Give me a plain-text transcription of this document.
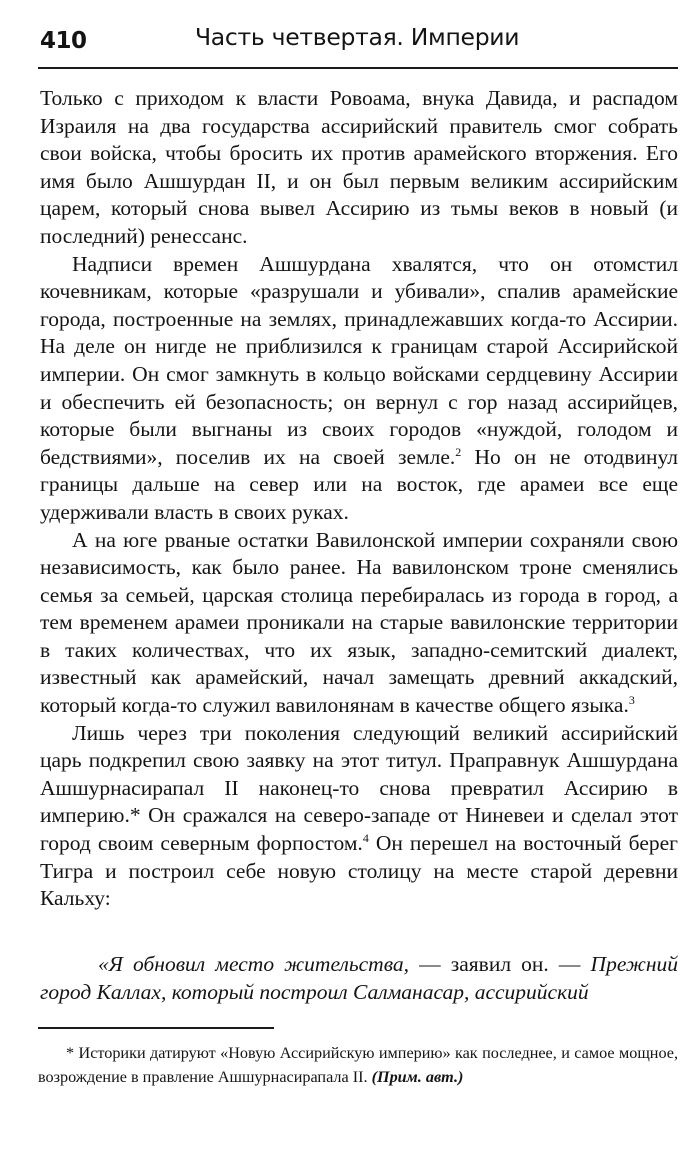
410	Часть четвертая. Империи

Только с приходом к власти Ровоама, внука Давида, и распадом Израиля на два государства ассирийский правитель смог собрать свои войска, чтобы бросить их против арамейского вторжения. Его имя было Ашшурдан II, и он был первым великим ассирийским царем, который снова вывел Ассирию из тьмы веков в новый (и последний) ренессанс.

Надписи времен Ашшурдана хвалятся, что он отомстил кочевникам, которые «разрушали и убивали», спалив арамейские города, построенные на землях, принадлежавших когда-то Ассирии. На деле он нигде не приблизился к границам старой Ассирийской империи. Он смог замкнуть в кольцо войсками сердцевину Ассирии и обеспечить ей безопасность; он вернул с гор назад ассирийцев, которые были выгнаны из своих городов «нуждой, голодом и бедствиями», поселив их на своей земле.$^2$ Но он не отодвинул границы дальше на север или на восток, где арамеи все еще удерживали власть в своих руках.

А на юге рваные остатки Вавилонской империи сохраняли свою независимость, как было ранее. На вавилонском троне сменялись семья за семьей, царская столица перебиралась из города в город, а тем временем арамеи проникали на старые вавилонские территории в таких количествах, что их язык, западно-семитский диалект, известный как арамейский, начал замещать древний аккадский, который когда-то служил вавилонянам в качестве общего языка.$^3$

Лишь через три поколения следующий великий ассирийский царь подкрепил свою заявку на этот титул. Праправнук Ашшурдана Ашшурнасирапал II наконец-то снова превратил Ассирию в империю.* Он сражался на северо-западе от Ниневеи и сделал этот город своим северным форпостом.$^4$ Он перешел на восточный берег Тигра и построил себе новую столицу на месте старой деревни Кальху:

«Я обновил место жительства, — заявил он. — Прежний город Каллах, который построил Салманасар, ассирийский
* Историки датируют «Новую Ассирийскую империю» как последнее, и самое мощное, возрождение в правление Ашшурнасирапала II. (Прим. авт.)
